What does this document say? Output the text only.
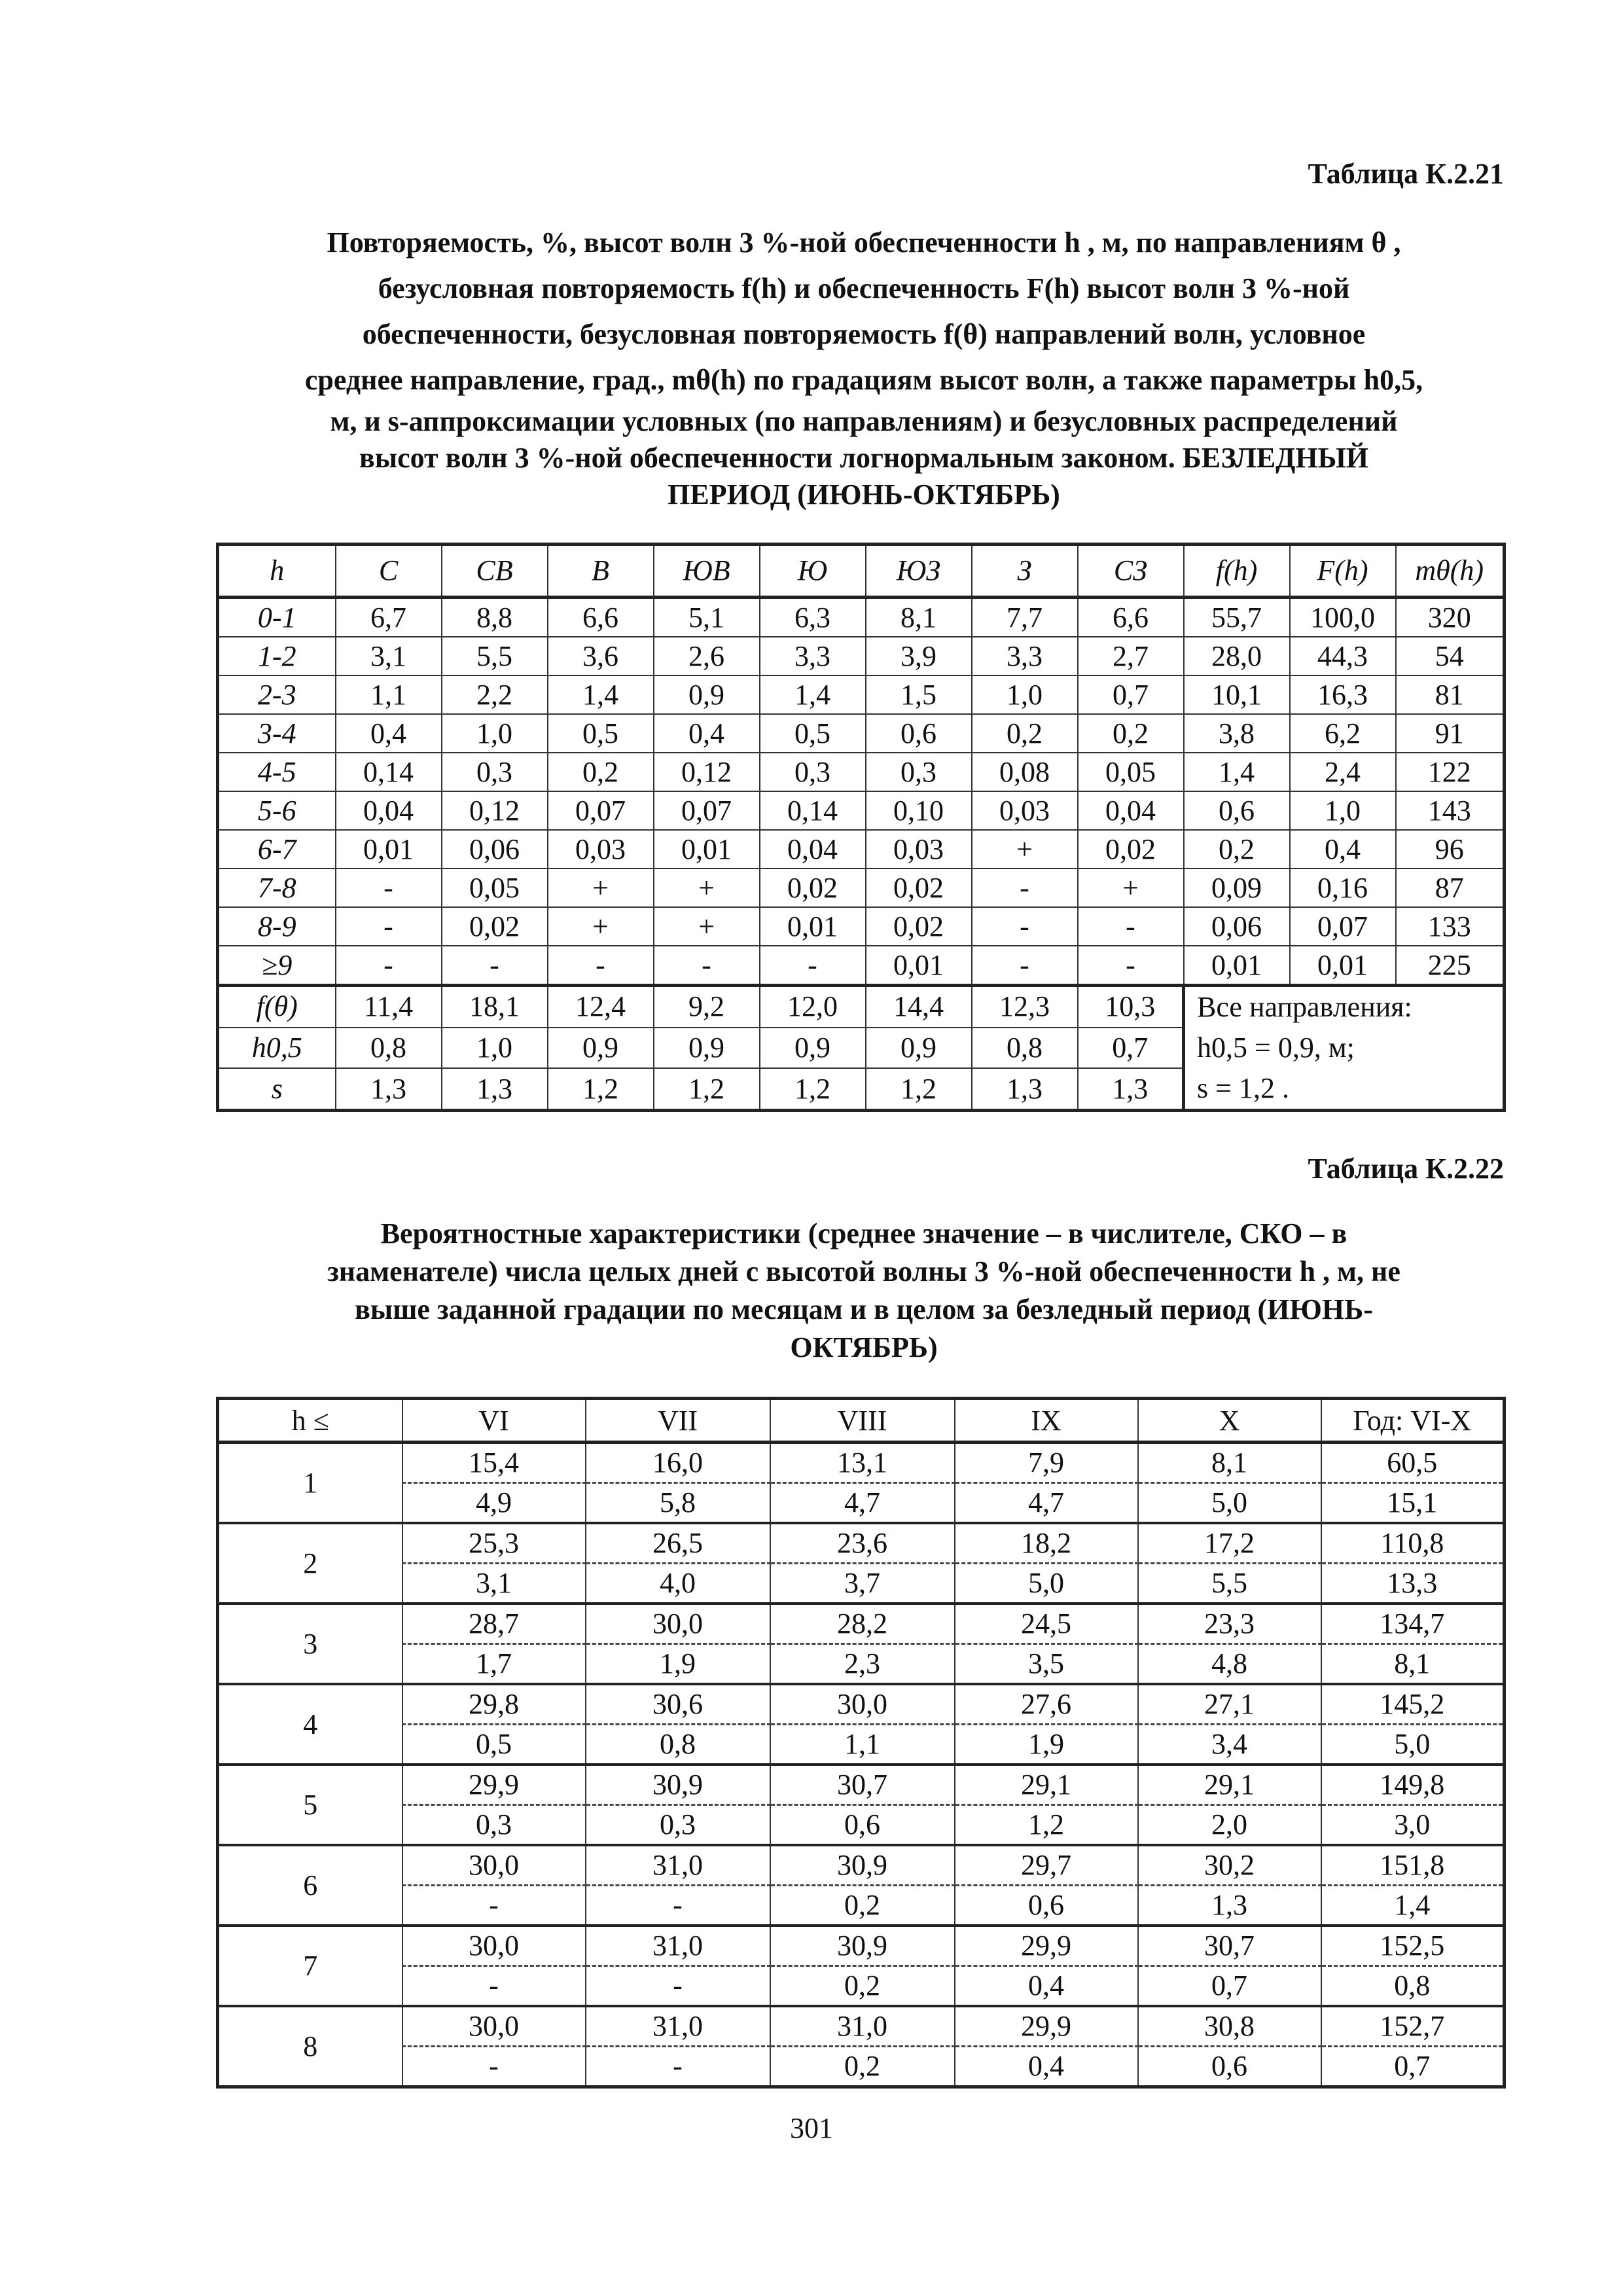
Таблица К.2.21
Повторяемость, %, высот волн 3 %-ной обеспеченности h , м, по направлениям θ ,
безусловная повторяемость f(h) и обеспеченность F(h) высот волн 3 %-ной
обеспеченности, безусловная повторяемость f(θ) направлений волн, условное
среднее направление, град., mθ(h) по градациям высот волн, а также параметры h0,5,
м, и s-аппроксимации условных (по направлениям) и безусловных распределений
высот волн 3 %-ной обеспеченности логнормальным законом. БЕЗЛЕДНЫЙ
ПЕРИОД (ИЮНЬ-ОКТЯБРЬ)
h	С	СВ	В	ЮВ	Ю	ЮЗ	З	СЗ	f(h)	F(h)	mθ(h)
0-1	6,7	8,8	6,6	5,1	6,3	8,1	7,7	6,6	55,7	100,0	320
1-2	3,1	5,5	3,6	2,6	3,3	3,9	3,3	2,7	28,0	44,3	54
2-3	1,1	2,2	1,4	0,9	1,4	1,5	1,0	0,7	10,1	16,3	81
3-4	0,4	1,0	0,5	0,4	0,5	0,6	0,2	0,2	3,8	6,2	91
4-5	0,14	0,3	0,2	0,12	0,3	0,3	0,08	0,05	1,4	2,4	122
5-6	0,04	0,12	0,07	0,07	0,14	0,10	0,03	0,04	0,6	1,0	143
6-7	0,01	0,06	0,03	0,01	0,04	0,03	+	0,02	0,2	0,4	96
7-8	-	0,05	+	+	0,02	0,02	-	+	0,09	0,16	87
8-9	-	0,02	+	+	0,01	0,02	-	-	0,06	0,07	133
≥9	-	-	-	-	-	0,01	-	-	0,01	0,01	225
f(θ)	11,4	18,1	12,4	9,2	12,0	14,4	12,3	10,3	Все направления:
h0,5 = 0,9, м;
s = 1,2 .		

h0,5	0,8	1,0	0,9	0,9	0,9	0,9	0,8	0,7			
s	1,3	1,3	1,2	1,2	1,2	1,2	1,3	1,3			
Таблица К.2.22
Вероятностные характеристики (среднее значение – в числителе, СКО – в
знаменателе) числа целых дней с высотой волны 3 %-ной обеспеченности h , м, не
выше заданной градации по месяцам и в целом за безледный период (ИЮНЬ-
ОКТЯБРЬ)
h ≤	VI	VII	VIII	IX	X	Год: VI-X
1	15,4	16,0	13,1	7,9	8,1	60,5
	4,9	5,8	4,7	4,7	5,0	15,1
2	25,3	26,5	23,6	18,2	17,2	110,8
	3,1	4,0	3,7	5,0	5,5	13,3
3	28,7	30,0	28,2	24,5	23,3	134,7
	1,7	1,9	2,3	3,5	4,8	8,1
4	29,8	30,6	30,0	27,6	27,1	145,2
	0,5	0,8	1,1	1,9	3,4	5,0
5	29,9	30,9	30,7	29,1	29,1	149,8
	0,3	0,3	0,6	1,2	2,0	3,0
6	30,0	31,0	30,9	29,7	30,2	151,8
	-	-	0,2	0,6	1,3	1,4
7	30,0	31,0	30,9	29,9	30,7	152,5
	-	-	0,2	0,4	0,7	0,8
8	30,0	31,0	31,0	29,9	30,8	152,7
	-	-	0,2	0,4	0,6	0,7
301
